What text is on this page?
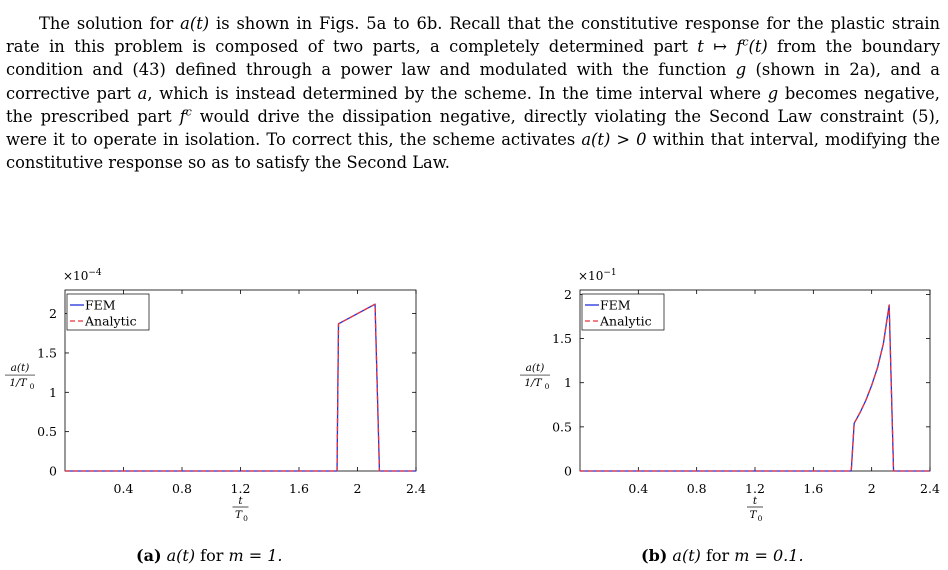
The solution for a(t) is shown in Figs. 5a to 6b. Recall that the constitutive response for the plastic strain rate in this problem is composed of two parts, a completely determined part t ↦ $f^c(t)$ from the boundary condition and (43) defined through a power law and modulated with the function g (shown in 2a), and a corrective part a, which is instead determined by the scheme. In the time interval where g becomes negative, the prescribed part $f^c$ would drive the dissipation negative, directly violating the Second Law constraint (5), were it to operate in isolation. To correct this, the scheme activates a(t) > 0 within that interval, modifying the constitutive response so as to satisfy the Second Law.

0
0.5
1
1.5
2
0.4	0.8	1.2	1.6	2	2.4
$\times 10^{-4}$
a(t)
1/T 0
t
T 0
FEM
Analytic
0
0.5
1
1.5
2
0.4	0.8	1.2	1.6	2	2.4
$\times 10^{-1}$
a(t)
1/T 0
t
T 0
FEM
Analytic
(a) a(t) for m = 1.	(b) a(t) for m = 0.1.
